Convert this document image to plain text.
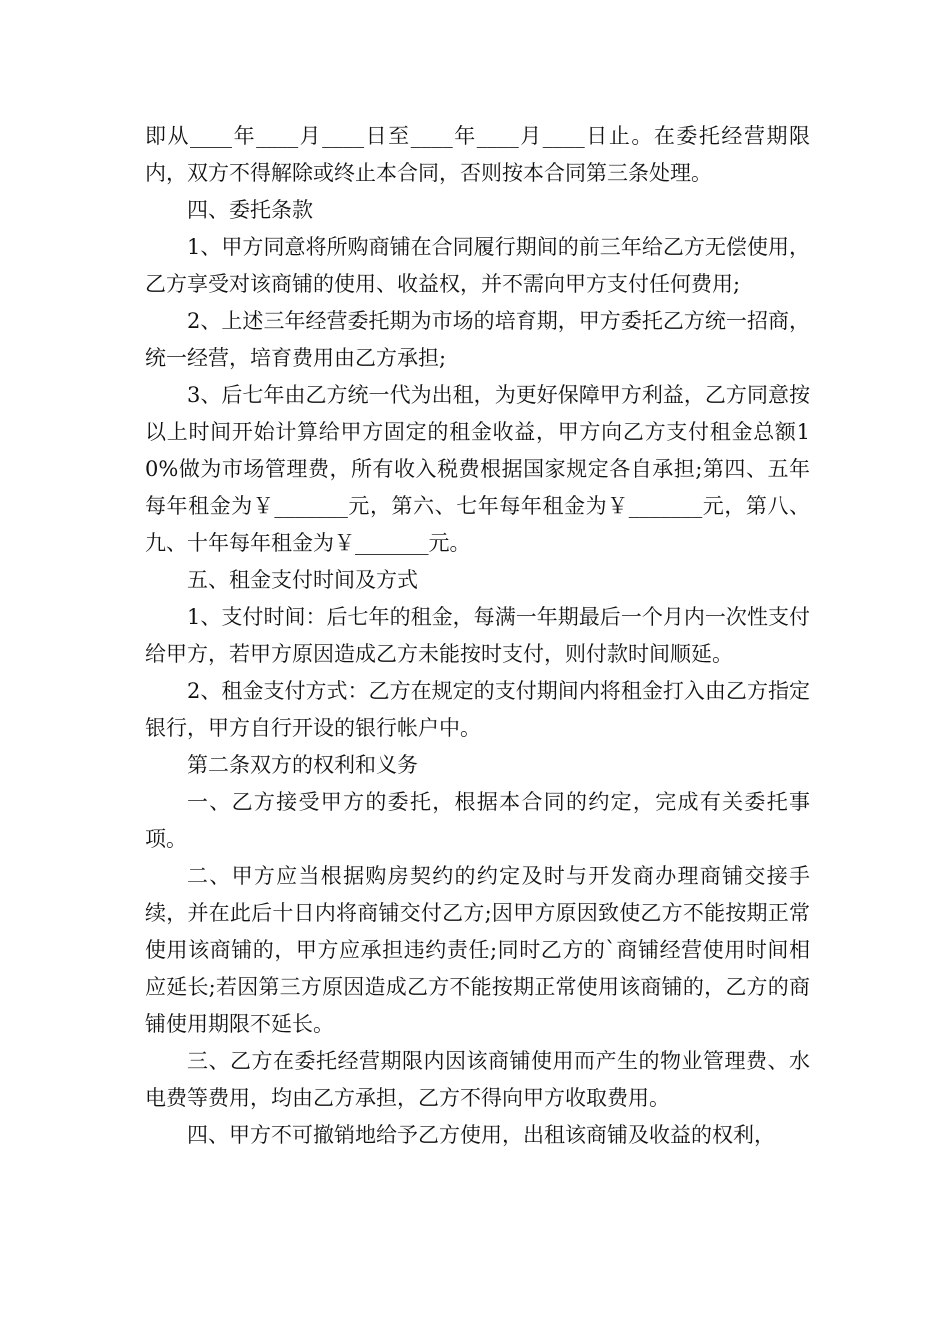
即从____年____月____日至____年____月____日止。在委托经营期限内，双方不得解除或终止本合同，否则按本合同第三条处理。

四、委托条款

1、甲方同意将所购商铺在合同履行期间的前三年给乙方无偿使用，乙方享受对该商铺的使用、收益权，并不需向甲方支付任何费用;

2、上述三年经营委托期为市场的培育期，甲方委托乙方统一招商，统一经营，培育费用由乙方承担;

3、后七年由乙方统一代为出租，为更好保障甲方利益，乙方同意按以上时间开始计算给甲方固定的租金收益，甲方向乙方支付租金总额10%做为市场管理费，所有收入税费根据国家规定各自承担;第四、五年每年租金为￥_______元，第六、七年每年租金为￥_______元，第八、九、十年每年租金为￥_______元。

五、租金支付时间及方式

1、支付时间：后七年的租金，每满一年期最后一个月内一次性支付给甲方，若甲方原因造成乙方未能按时支付，则付款时间顺延。

2、租金支付方式：乙方在规定的支付期间内将租金打入由乙方指定银行，甲方自行开设的银行帐户中。

第二条双方的权利和义务

一、乙方接受甲方的委托，根据本合同的约定，完成有关委托事项。

二、甲方应当根据购房契约的约定及时与开发商办理商铺交接手续，并在此后十日内将商铺交付乙方;因甲方原因致使乙方不能按期正常使用该商铺的，甲方应承担违约责任;同时乙方的`商铺经营使用时间相应延长;若因第三方原因造成乙方不能按期正常使用该商铺的，乙方的商铺使用期限不延长。

三、乙方在委托经营期限内因该商铺使用而产生的物业管理费、水电费等费用，均由乙方承担，乙方不得向甲方收取费用。

四、甲方不可撤销地给予乙方使用，出租该商铺及收益的权利，
